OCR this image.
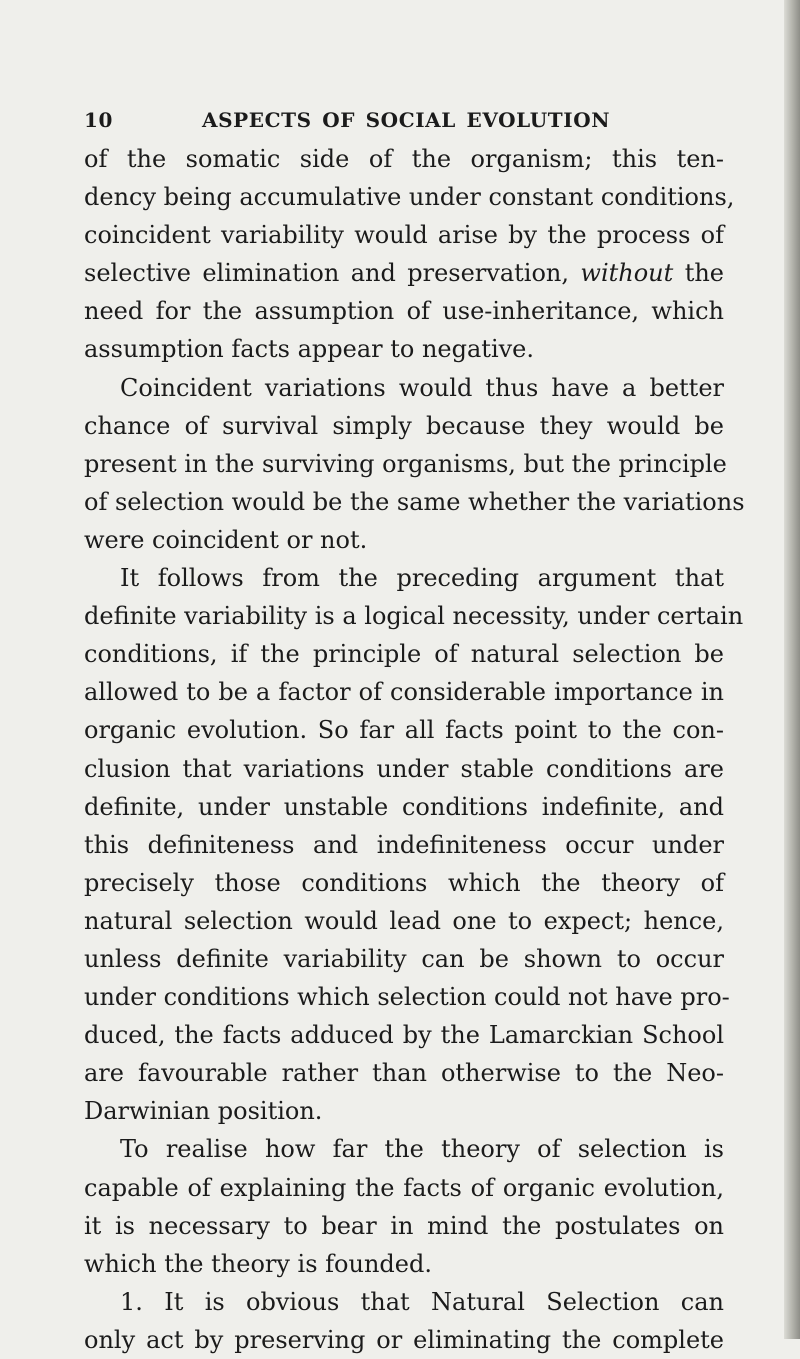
10	ASPECTS OF SOCIAL EVOLUTION
of the somatic side of the organism; this ten-
dency being accumulative under constant conditions,
coincident variability would arise by the process of
selective elimination and preservation, without the
need for the assumption of use-inheritance, which
assumption facts appear to negative.
Coincident variations would thus have a better
chance of survival simply because they would be
present in the surviving organisms, but the principle
of selection would be the same whether the variations
were coincident or not.
It follows from the preceding argument that
definite variability is a logical necessity, under certain
conditions, if the principle of natural selection be
allowed to be a factor of considerable importance in
organic evolution. So far all facts point to the con-
clusion that variations under stable conditions are
definite, under unstable conditions indefinite, and
this definiteness and indefiniteness occur under
precisely those conditions which the theory of
natural selection would lead one to expect; hence,
unless definite variability can be shown to occur
under conditions which selection could not have pro-
duced, the facts adduced by the Lamarckian School
are favourable rather than otherwise to the Neo-
Darwinian position.
To realise how far the theory of selection is
capable of explaining the facts of organic evolution,
it is necessary to bear in mind the postulates on
which the theory is founded.
1. It is obvious that Natural Selection can
only act by preserving or eliminating the complete
